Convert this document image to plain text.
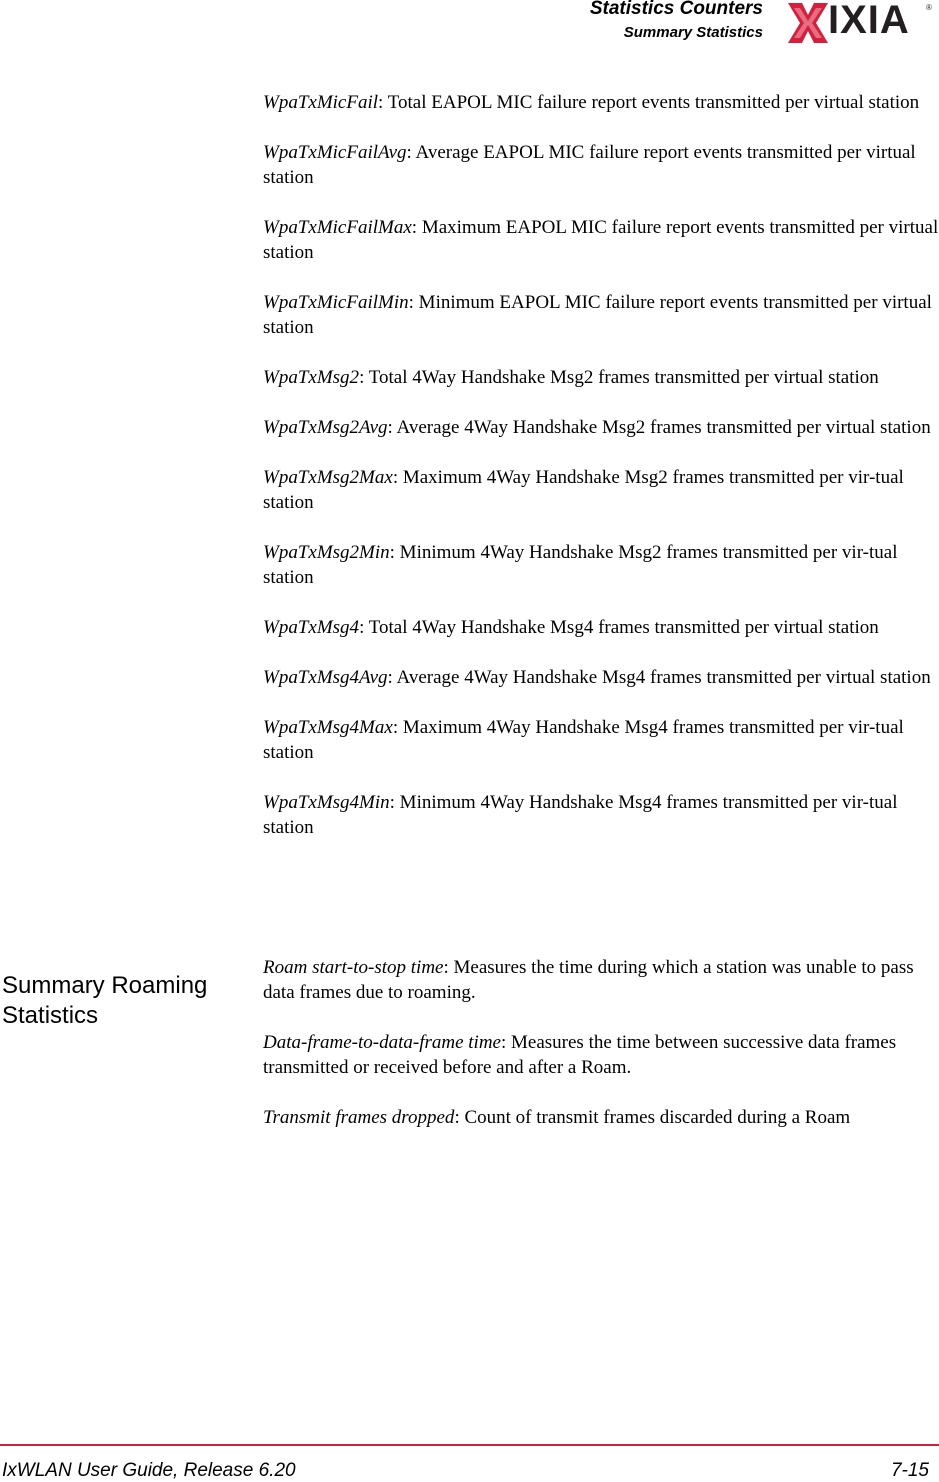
Statistics Counters
Summary Statistics IXIA ®

WpaTxMicFail: Total EAPOL MIC failure report events transmitted per virtual station

WpaTxMicFailAvg: Average EAPOL MIC failure report events transmitted per virtual station

WpaTxMicFailMax: Maximum EAPOL MIC failure report events transmitted per virtual station

WpaTxMicFailMin: Minimum EAPOL MIC failure report events transmitted per virtual station

WpaTxMsg2: Total 4Way Handshake Msg2 frames transmitted per virtual station

WpaTxMsg2Avg: Average 4Way Handshake Msg2 frames transmitted per virtual station

WpaTxMsg2Max: Maximum 4Way Handshake Msg2 frames transmitted per vir-tual station

WpaTxMsg2Min: Minimum 4Way Handshake Msg2 frames transmitted per vir-tual station

WpaTxMsg4: Total 4Way Handshake Msg4 frames transmitted per virtual station

WpaTxMsg4Avg: Average 4Way Handshake Msg4 frames transmitted per virtual station

WpaTxMsg4Max: Maximum 4Way Handshake Msg4 frames transmitted per vir-tual station

WpaTxMsg4Min: Minimum 4Way Handshake Msg4 frames transmitted per vir-tual station

Summary Roaming Statistics

Roam start-to-stop time: Measures the time during which a station was unable to pass data frames due to roaming.

Data-frame-to-data-frame time: Measures the time between successive data frames transmitted or received before and after a Roam.

Transmit frames dropped: Count of transmit frames discarded during a Roam

IxWLAN User Guide, Release 6.20	7-15
